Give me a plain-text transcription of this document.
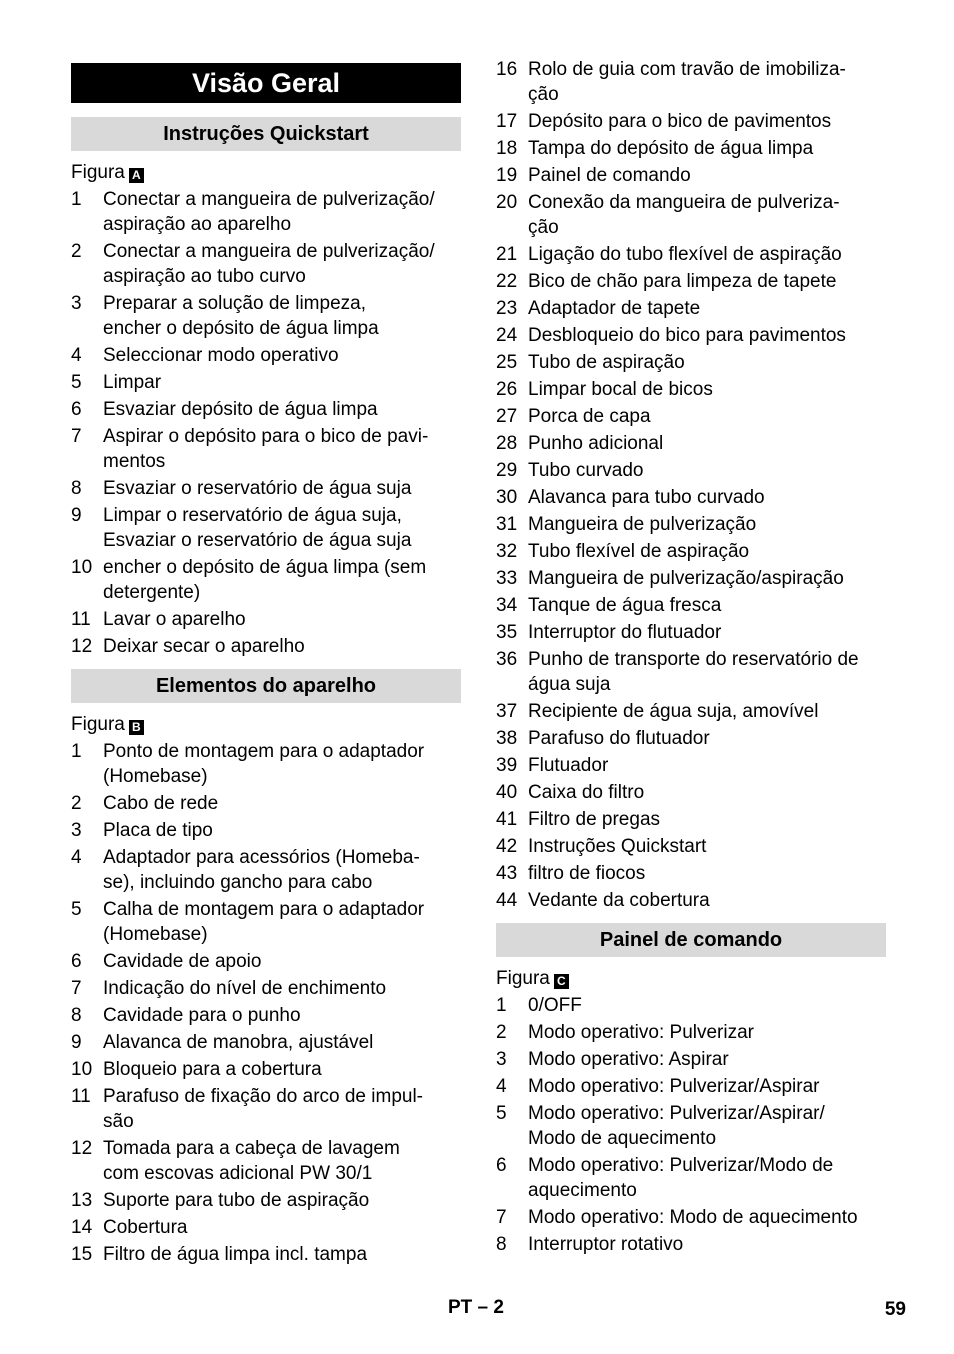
Visão Geral
Instruções Quickstart
Figura A
1	Conectar a mangueira de pulverização/
aspiração ao aparelho
2	Conectar a mangueira de pulverização/
aspiração ao tubo curvo
3	Preparar a solução de limpeza,
encher o depósito de água limpa
4	Seleccionar modo operativo
5	Limpar
6	Esvaziar depósito de água limpa
7	Aspirar o depósito para o bico de pavi-
mentos
8	Esvaziar o reservatório de água suja
9	Limpar o reservatório de água suja,
Esvaziar o reservatório de água suja
10 encher o depósito de água limpa (sem
detergente)
11 Lavar o aparelho
12 Deixar secar o aparelho
Elementos do aparelho
Figura B
1	Ponto de montagem para o adaptador
(Homebase)
2	Cabo de rede
3	Placa de tipo
4	Adaptador para acessórios (Homeba-
se), incluindo gancho para cabo
5	Calha de montagem para o adaptador
(Homebase)
6	Cavidade de apoio
7	Indicação do nível de enchimento
8	Cavidade para o punho
9	Alavanca de manobra, ajustável
10 Bloqueio para a cobertura
11 Parafuso de fixação do arco de impul-
são
12 Tomada para a cabeça de lavagem
com escovas adicional PW 30/1
13 Suporte para tubo de aspiração
14 Cobertura
15 Filtro de água limpa incl. tampa
16 Rolo de guia com travão de imobiliza-
ção
17 Depósito para o bico de pavimentos
18 Tampa do depósito de água limpa
19 Painel de comando
20 Conexão da mangueira de pulveriza-
ção
21 Ligação do tubo flexível de aspiração
22 Bico de chão para limpeza de tapete
23 Adaptador de tapete
24 Desbloqueio do bico para pavimentos
25 Tubo de aspiração
26 Limpar bocal de bicos
27 Porca de capa
28 Punho adicional
29 Tubo curvado
30 Alavanca para tubo curvado
31 Mangueira de pulverização
32 Tubo flexível de aspiração
33 Mangueira de pulverização/aspiração
34 Tanque de água fresca
35 Interruptor do flutuador
36 Punho de transporte do reservatório de
água suja
37 Recipiente de água suja, amovível
38 Parafuso do flutuador
39 Flutuador
40 Caixa do filtro
41 Filtro de pregas
42 Instruções Quickstart
43 filtro de fiocos
44 Vedante da cobertura
Painel de comando
Figura C
1	0/OFF
2	Modo operativo: Pulverizar
3	Modo operativo: Aspirar
4	Modo operativo: Pulverizar/Aspirar
5	Modo operativo: Pulverizar/Aspirar/
Modo de aquecimento
6	Modo operativo: Pulverizar/Modo de
aquecimento
7	Modo operativo: Modo de aquecimento
8	Interruptor rotativo
PT – 2	59
